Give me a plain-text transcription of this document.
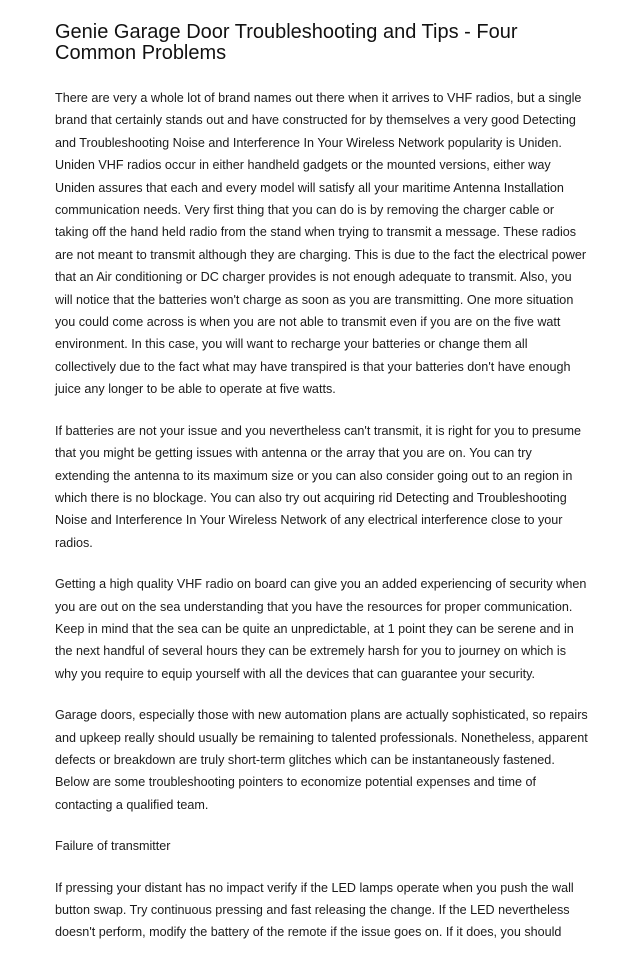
Genie Garage Door Troubleshooting and Tips - Four Common Problems

There are very a whole lot of brand names out there when it arrives to VHF radios, but a single brand that certainly stands out and have constructed for by themselves a very good Detecting and Troubleshooting Noise and Interference In Your Wireless Network popularity is Uniden. Uniden VHF radios occur in either handheld gadgets or the mounted versions, either way Uniden assures that each and every model will satisfy all your maritime Antenna Installation communication needs. Very first thing that you can do is by removing the charger cable or taking off the hand held radio from the stand when trying to transmit a message. These radios are not meant to transmit although they are charging. This is due to the fact the electrical power that an Air conditioning or DC charger provides is not enough adequate to transmit. Also, you will notice that the batteries won't charge as soon as you are transmitting. One more situation you could come across is when you are not able to transmit even if you are on the five watt environment. In this case, you will want to recharge your batteries or change them all collectively due to the fact what may have transpired is that your batteries don't have enough juice any longer to be able to operate at five watts.

If batteries are not your issue and you nevertheless can't transmit, it is right for you to presume that you might be getting issues with antenna or the array that you are on. You can try extending the antenna to its maximum size or you can also consider going out to an region in which there is no blockage. You can also try out acquiring rid Detecting and Troubleshooting Noise and Interference In Your Wireless Network of any electrical interference close to your radios.

Getting a high quality VHF radio on board can give you an added experiencing of security when you are out on the sea understanding that you have the resources for proper communication. Keep in mind that the sea can be quite an unpredictable, at 1 point they can be serene and in the next handful of several hours they can be extremely harsh for you to journey on which is why you require to equip yourself with all the devices that can guarantee your security.

Garage doors, especially those with new automation plans are actually sophisticated, so repairs and upkeep really should usually be remaining to talented professionals. Nonetheless, apparent defects or breakdown are truly short-term glitches which can be instantaneously fastened. Below are some troubleshooting pointers to economize potential expenses and time of contacting a qualified team.

Failure of transmitter

If pressing your distant has no impact verify if the LED lamps operate when you push the wall button swap. Try continuous pressing and fast releasing the change. If the LED nevertheless doesn't perform, modify the battery of the remote if the issue goes on. If it does, you should
